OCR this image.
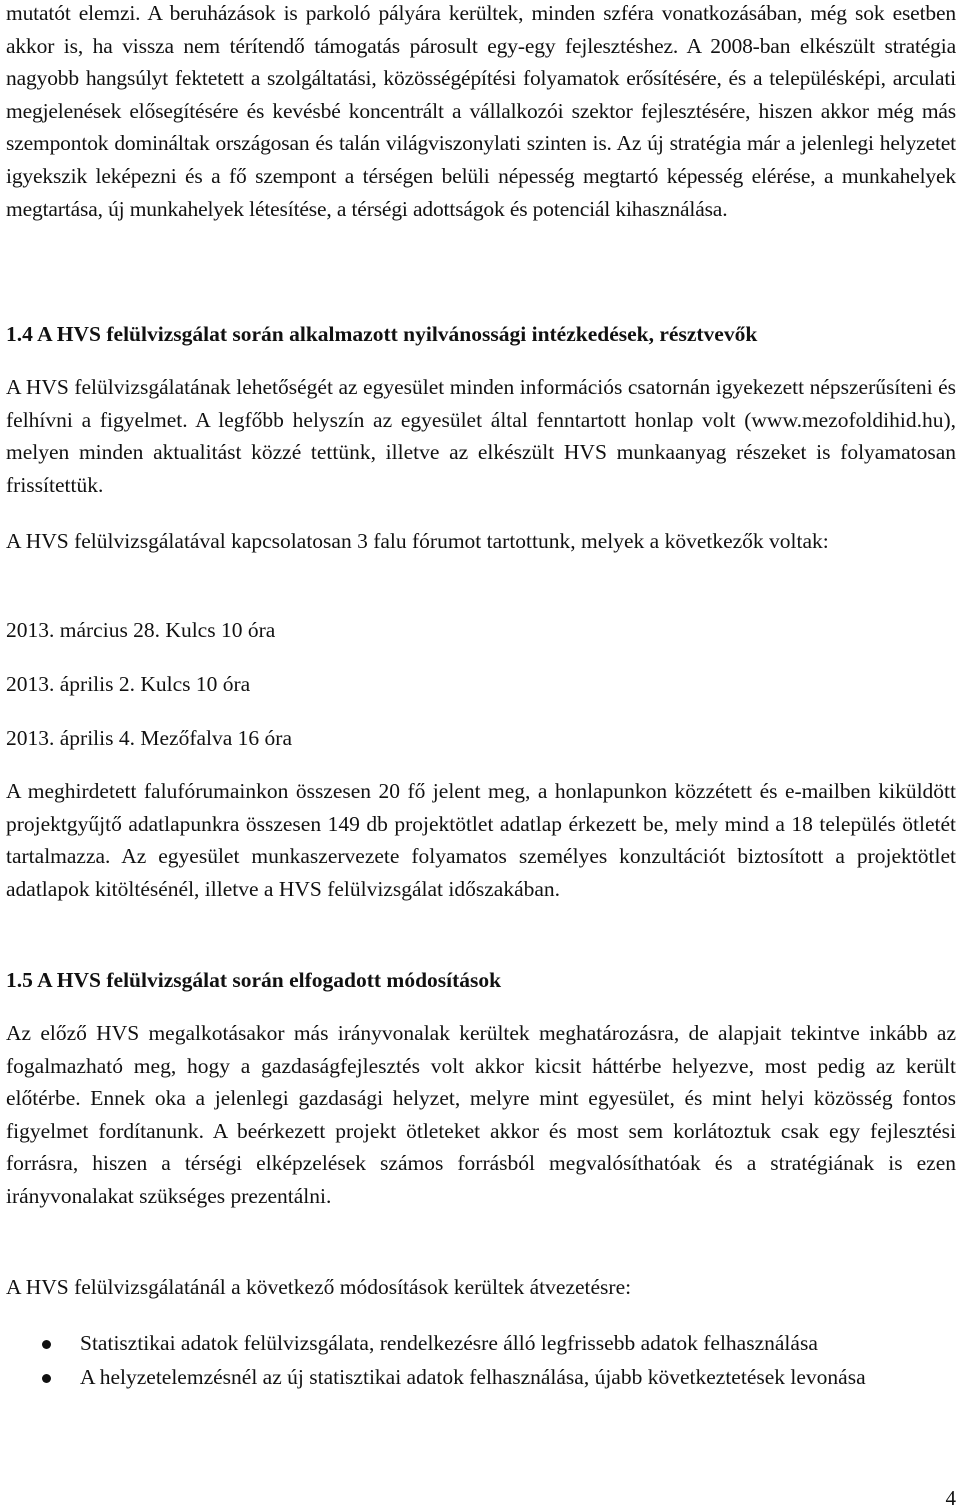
mutatót elemzi. A beruházások is parkoló pályára kerültek, minden szféra vonatkozásában, még sok esetben akkor is, ha vissza nem térítendő támogatás párosult egy-egy fejlesztéshez. A 2008-ban elkészült stratégia nagyobb hangsúlyt fektetett a szolgáltatási, közösségépítési folyamatok erősítésére, és a településképi, arculati megjelenések elősegítésére és kevésbé koncentrált a vállalkozói szektor fejlesztésére, hiszen akkor még más szempontok domináltak országosan és talán világviszonylati szinten is. Az új stratégia már a jelenlegi helyzetet igyekszik leképezni és a fő szempont a térségen belüli népesség megtartó képesség elérése, a munkahelyek megtartása, új munkahelyek létesítése, a térségi adottságok és potenciál kihasználása.

1.4 A HVS felülvizsgálat során alkalmazott nyilvánossági intézkedések, résztvevők

A HVS felülvizsgálatának lehetőségét az egyesület minden információs csatornán igyekezett népszerűsíteni és felhívni a figyelmet. A legfőbb helyszín az egyesület által fenntartott honlap volt (www.mezofoldihid.hu), melyen minden aktualitást közzé tettünk, illetve az elkészült HVS munkaanyag részeket is folyamatosan frissítettük.

A HVS felülvizsgálatával kapcsolatosan 3 falu fórumot tartottunk, melyek a következők voltak:

2013. március 28. Kulcs 10 óra

2013. április 2. Kulcs 10 óra

2013. április 4. Mezőfalva 16 óra

A meghirdetett falufórumainkon összesen 20 fő jelent meg, a honlapunkon közzétett és e-mailben kiküldött projektgyűjtő adatlapunkra összesen 149 db projektötlet adatlap érkezett be, mely mind a 18 település ötletét tartalmazza. Az egyesület munkaszervezete folyamatos személyes konzultációt biztosított a projektötlet adatlapok kitöltésénél, illetve a HVS felülvizsgálat időszakában.

1.5 A HVS felülvizsgálat során elfogadott módosítások

Az előző HVS megalkotásakor más irányvonalak kerültek meghatározásra, de alapjait tekintve inkább az fogalmazható meg, hogy a gazdaságfejlesztés volt akkor kicsit háttérbe helyezve, most pedig az került előtérbe. Ennek oka a jelenlegi gazdasági helyzet, melyre mint egyesület, és mint helyi közösség fontos figyelmet fordítanunk. A beérkezett projekt ötleteket akkor és most sem korlátoztuk csak egy fejlesztési forrásra, hiszen a térségi elképzelések számos forrásból megvalósíthatóak és a stratégiának is ezen irányvonalakat szükséges prezentálni.

A HVS felülvizsgálatánál a következő módosítások kerültek átvezetésre:

Statisztikai adatok felülvizsgálata, rendelkezésre álló legfrissebb adatok felhasználása
A helyzetelemzésnél az új statisztikai adatok felhasználása, újabb következtetések levonása
4
